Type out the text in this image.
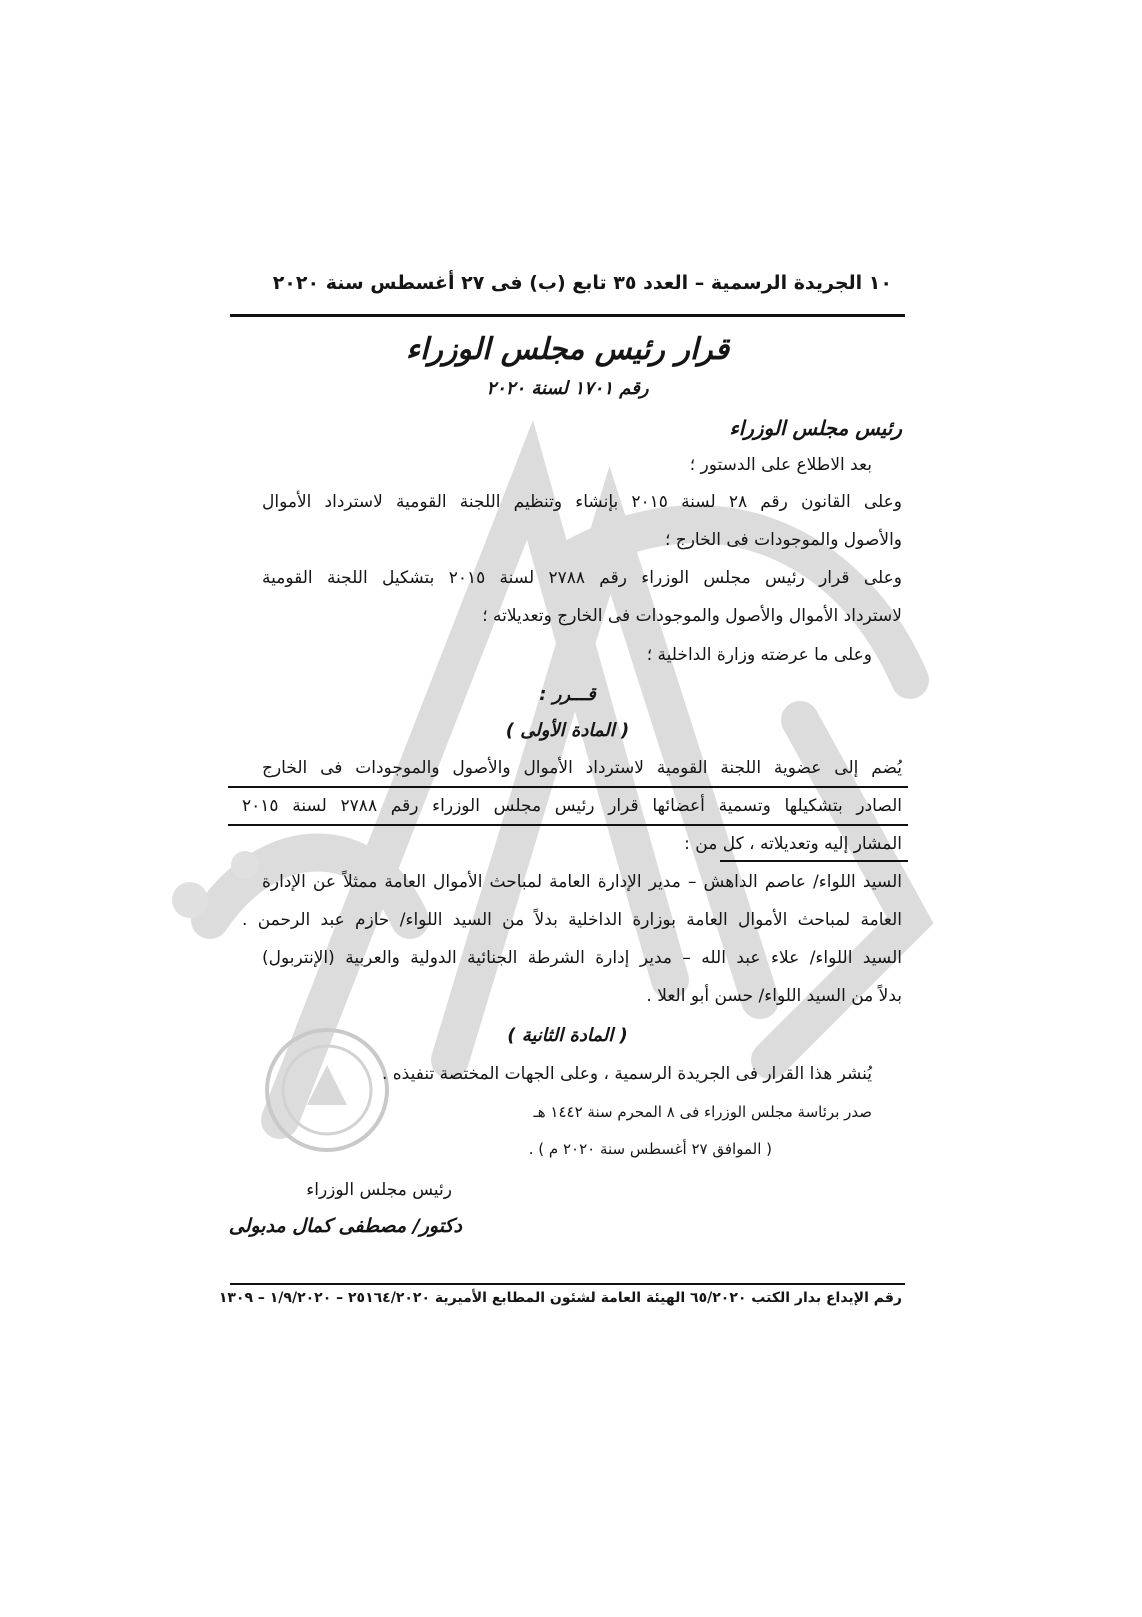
١٠ الجريدة الرسمية – العدد ٣٥ تابع (ب) فى ٢٧ أغسطس سنة ٢٠٢٠
قرار رئيس مجلس الوزراء
رقم ١٧٠١ لسنة ٢٠٢٠
رئيس مجلس الوزراء
بعد الاطلاع على الدستور ؛
وعلى القانون رقم ٢٨ لسنة ٢٠١٥ بإنشاء وتنظيم اللجنة القومية لاسترداد الأموال
والأصول والموجودات فى الخارج ؛
وعلى قرار رئيس مجلس الوزراء رقم ٢٧٨٨ لسنة ٢٠١٥ بتشكيل اللجنة القومية
لاسترداد الأموال والأصول والموجودات فى الخارج وتعديلاته ؛
وعلى ما عرضته وزارة الداخلية ؛
قـــرر :
( المادة الأولى )
يُضم إلى عضوية اللجنة القومية لاسترداد الأموال والأصول والموجودات فى الخارج
الصادر بتشكيلها وتسمية أعضائها قرار رئيس مجلس الوزراء رقم ٢٧٨٨ لسنة ٢٠١٥
المشار إليه وتعديلاته ، كل من :
السيد اللواء/ عاصم الداهش – مدير الإدارة العامة لمباحث الأموال العامة ممثلاً عن الإدارة
العامة لمباحث الأموال العامة بوزارة الداخلية بدلاً من السيد اللواء/ حازم عبد الرحمن .
السيد اللواء/ علاء عبد الله – مدير إدارة الشرطة الجنائية الدولية والعربية (الإنتربول)
بدلاً من السيد اللواء/ حسن أبو العلا .
( المادة الثانية )
يُنشر هذا القرار فى الجريدة الرسمية ، وعلى الجهات المختصة تنفيذه .
صدر برئاسة مجلس الوزراء فى ٨ المحرم سنة ١٤٤٢ هـ
( الموافق ٢٧ أغسطس سنة ٢٠٢٠ م ) .
رئيس مجلس الوزراء
دكتور/ مصطفى كمال مدبولى
رقم الإيداع بدار الكتب ٦٥/٢٠٢٠ الهيئة العامة لشئون المطابع الأميرية ٢٥١٦٤/٢٠٢٠ – ١/٩/٢٠٢٠ – ١٣٠٩
